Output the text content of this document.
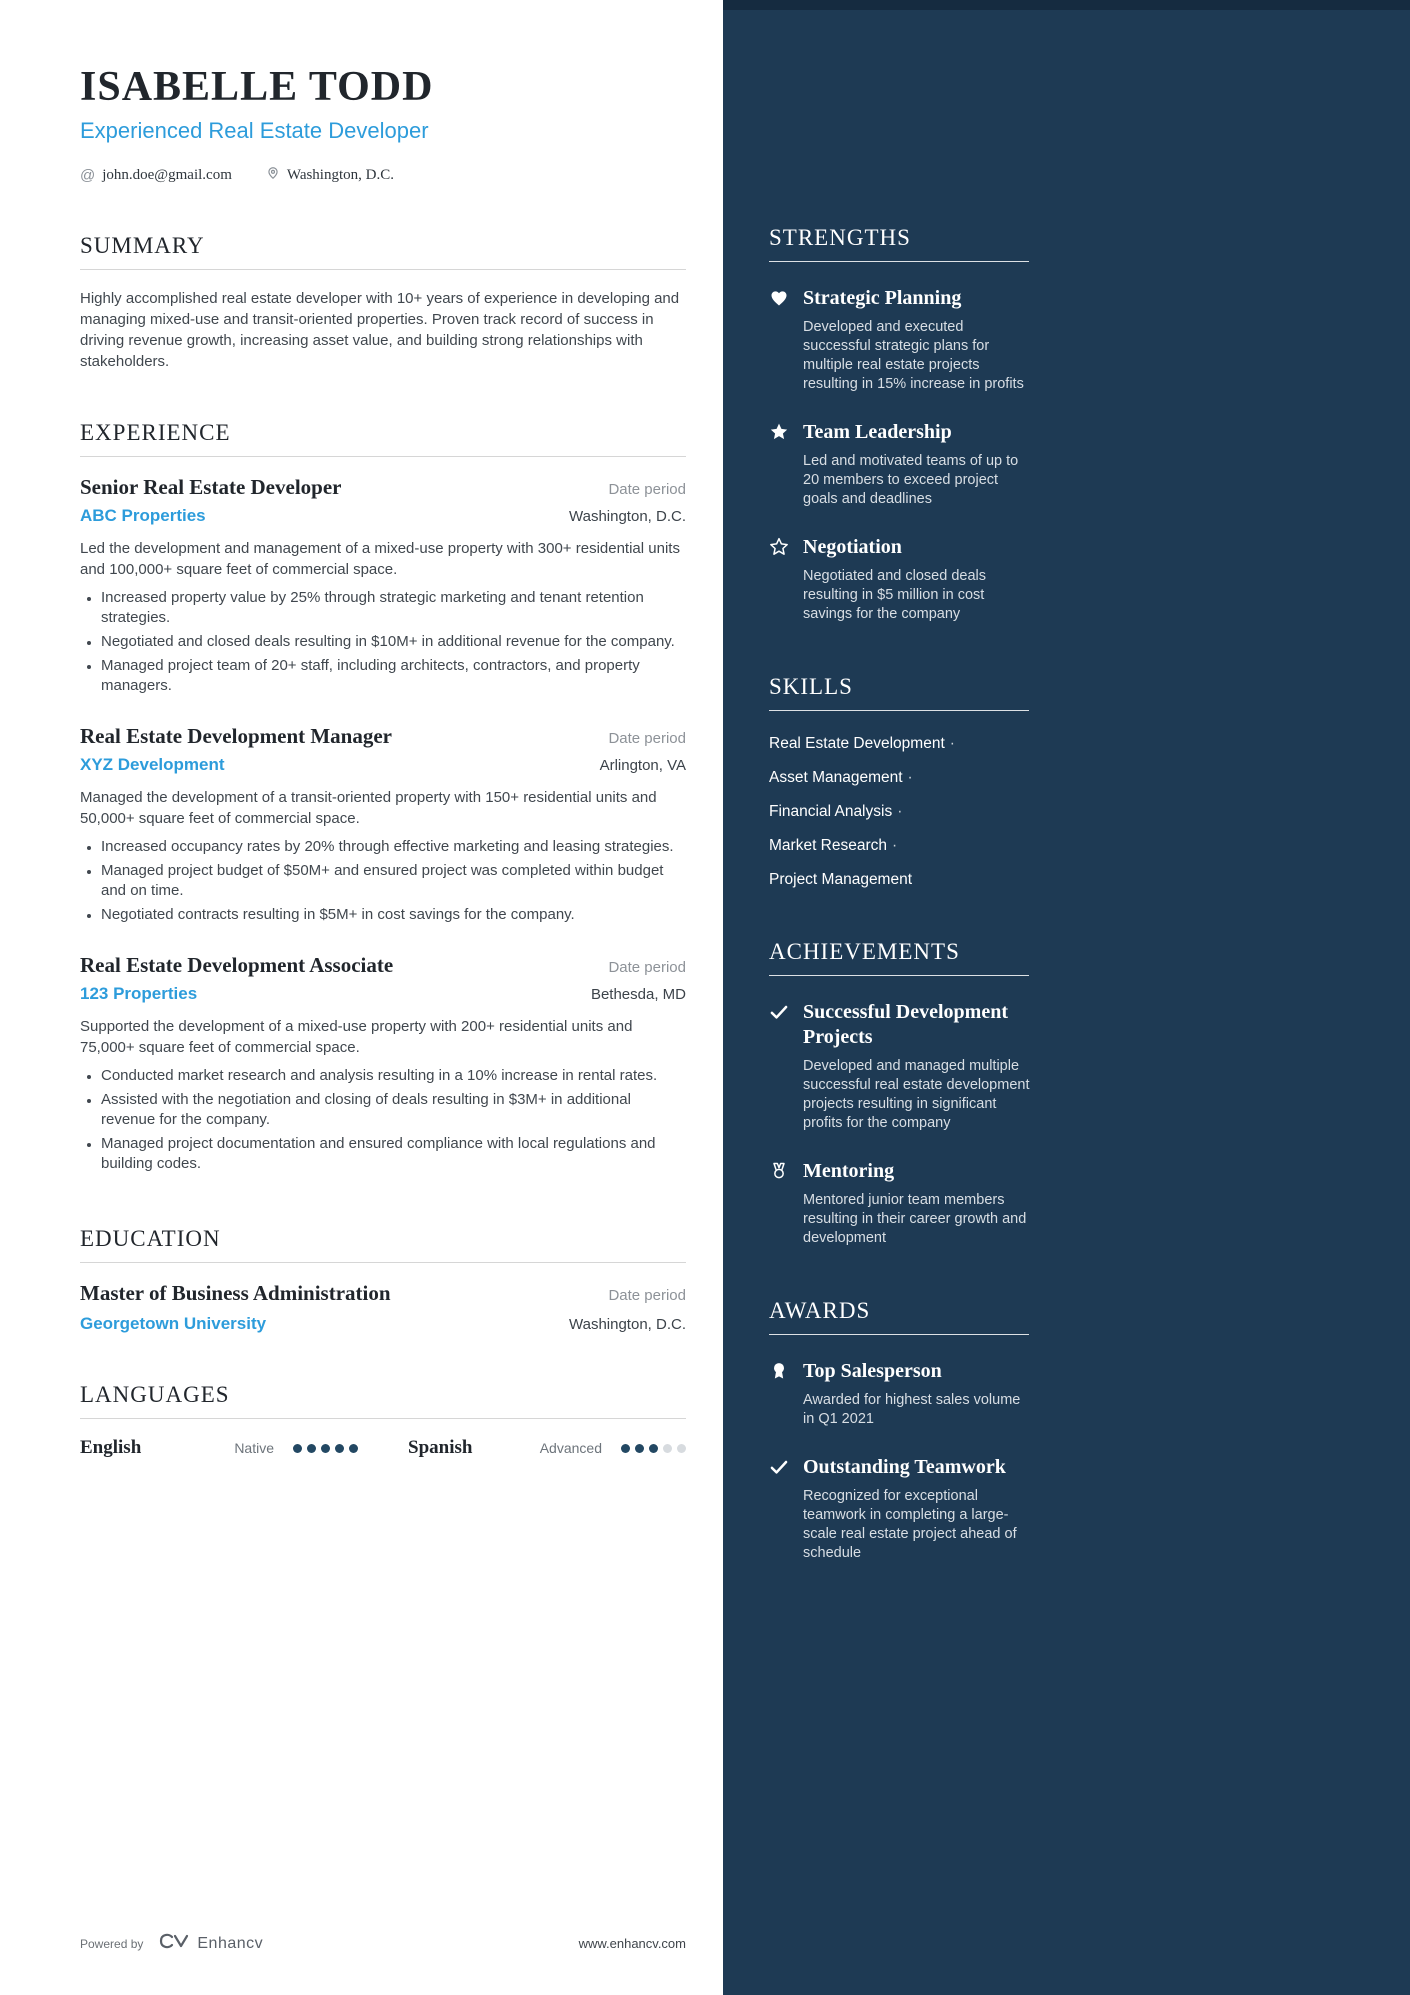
ISABELLE TODD
Experienced Real Estate Developer
@ john.doe@gmail.com	Washington, D.C.
SUMMARY
Highly accomplished real estate developer with 10+ years of experience in developing and managing mixed-use and transit-oriented properties. Proven track record of success in driving revenue growth, increasing asset value, and building strong relationships with stakeholders.
EXPERIENCE
Senior Real Estate Developer	Date period
ABC Properties	Washington, D.C.
Led the development and management of a mixed-use property with 300+ residential units and 100,000+ square feet of commercial space.
• Increased property value by 25% through strategic marketing and tenant retention strategies.
• Negotiated and closed deals resulting in $10M+ in additional revenue for the company.
• Managed project team of 20+ staff, including architects, contractors, and property managers.
Real Estate Development Manager	Date period
XYZ Development	Arlington, VA
Managed the development of a transit-oriented property with 150+ residential units and 50,000+ square feet of commercial space.
• Increased occupancy rates by 20% through effective marketing and leasing strategies.
• Managed project budget of $50M+ and ensured project was completed within budget and on time.
• Negotiated contracts resulting in $5M+ in cost savings for the company.
Real Estate Development Associate	Date period
123 Properties	Bethesda, MD
Supported the development of a mixed-use property with 200+ residential units and 75,000+ square feet of commercial space.
• Conducted market research and analysis resulting in a 10% increase in rental rates.
• Assisted with the negotiation and closing of deals resulting in $3M+ in additional revenue for the company.
• Managed project documentation and ensured compliance with local regulations and building codes.
EDUCATION
Master of Business Administration	Date period
Georgetown University	Washington, D.C.
LANGUAGES
English	Native	Spanish	Advanced
Powered by	Enhancv	www.enhancv.com
STRENGTHS
Strategic Planning
Developed and executed successful strategic plans for multiple real estate projects resulting in 15% increase in profits
Team Leadership
Led and motivated teams of up to 20 members to exceed project goals and deadlines
Negotiation
Negotiated and closed deals resulting in $5 million in cost savings for the company
SKILLS
Real Estate Development ·
Asset Management ·
Financial Analysis ·
Market Research ·
Project Management
ACHIEVEMENTS
Successful Development Projects
Developed and managed multiple successful real estate development projects resulting in significant profits for the company
Mentoring
Mentored junior team members resulting in their career growth and development
AWARDS
Top Salesperson
Awarded for highest sales volume in Q1 2021
Outstanding Teamwork
Recognized for exceptional teamwork in completing a large-scale real estate project ahead of schedule
